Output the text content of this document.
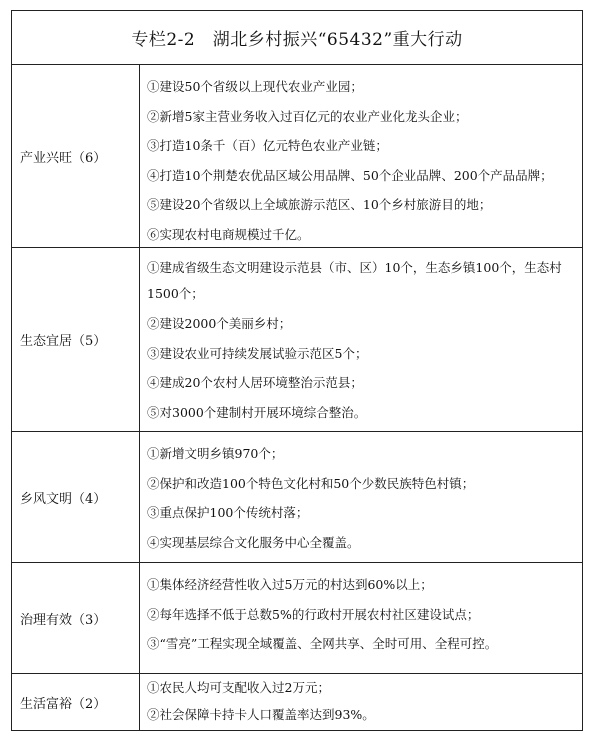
专栏2-2　湖北乡村振兴“65432”重大行动
产业兴旺（6）
①建设50个省级以上现代农业产业园；
②新增5家主营业务收入过百亿元的农业产业化龙头企业；
③打造10条千（百）亿元特色农业产业链；
④打造10个荆楚农优品区域公用品牌、50个企业品牌、200个产品品牌；
⑤建设20个省级以上全域旅游示范区、10个乡村旅游目的地；
⑥实现农村电商规模过千亿。
生态宜居（5）
①建成省级生态文明建设示范县（市、区）10个，生态乡镇100个，生态村1500个；
②建设2000个美丽乡村；
③建设农业可持续发展试验示范区5个；
④建成20个农村人居环境整治示范县；
⑤对3000个建制村开展环境综合整治。
乡风文明（4）
①新增文明乡镇970个；
②保护和改造100个特色文化村和50个少数民族特色村镇；
③重点保护100个传统村落；
④实现基层综合文化服务中心全覆盖。
治理有效（3）
①集体经济经营性收入过5万元的村达到60%以上；
②每年选择不低于总数5%的行政村开展农村社区建设试点；
③“雪亮”工程实现全域覆盖、全网共享、全时可用、全程可控。
生活富裕（2）
①农民人均可支配收入过2万元；
②社会保障卡持卡人口覆盖率达到93%。
